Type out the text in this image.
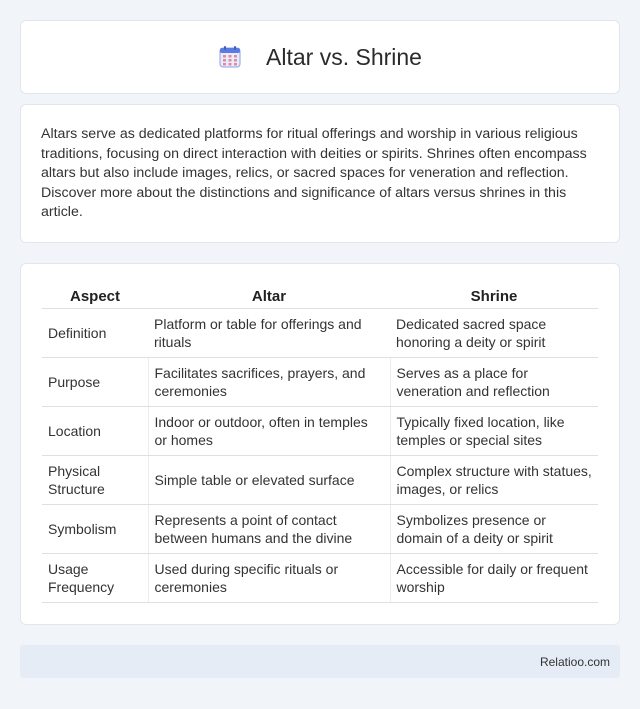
Altar vs. Shrine

Altars serve as dedicated platforms for ritual offerings and worship in various religious traditions, focusing on direct interaction with deities or spirits. Shrines often encompass altars but also include images, relics, or sacred spaces for veneration and reflection. Discover more about the distinctions and significance of altars versus shrines in this article.

Aspect	Altar	Shrine
Definition	Platform or table for offerings and rituals	Dedicated sacred space honoring a deity or spirit
Purpose	Facilitates sacrifices, prayers, and ceremonies	Serves as a place for veneration and reflection
Location	Indoor or outdoor, often in temples or homes	Typically fixed location, like temples or special sites
Physical Structure	Simple table or elevated surface	Complex structure with statues, images, or relics
Symbolism	Represents a point of contact between humans and the divine	Symbolizes presence or domain of a deity or spirit
Usage Frequency	Used during specific rituals or ceremonies	Accessible for daily or frequent worship
Relatioo.com
